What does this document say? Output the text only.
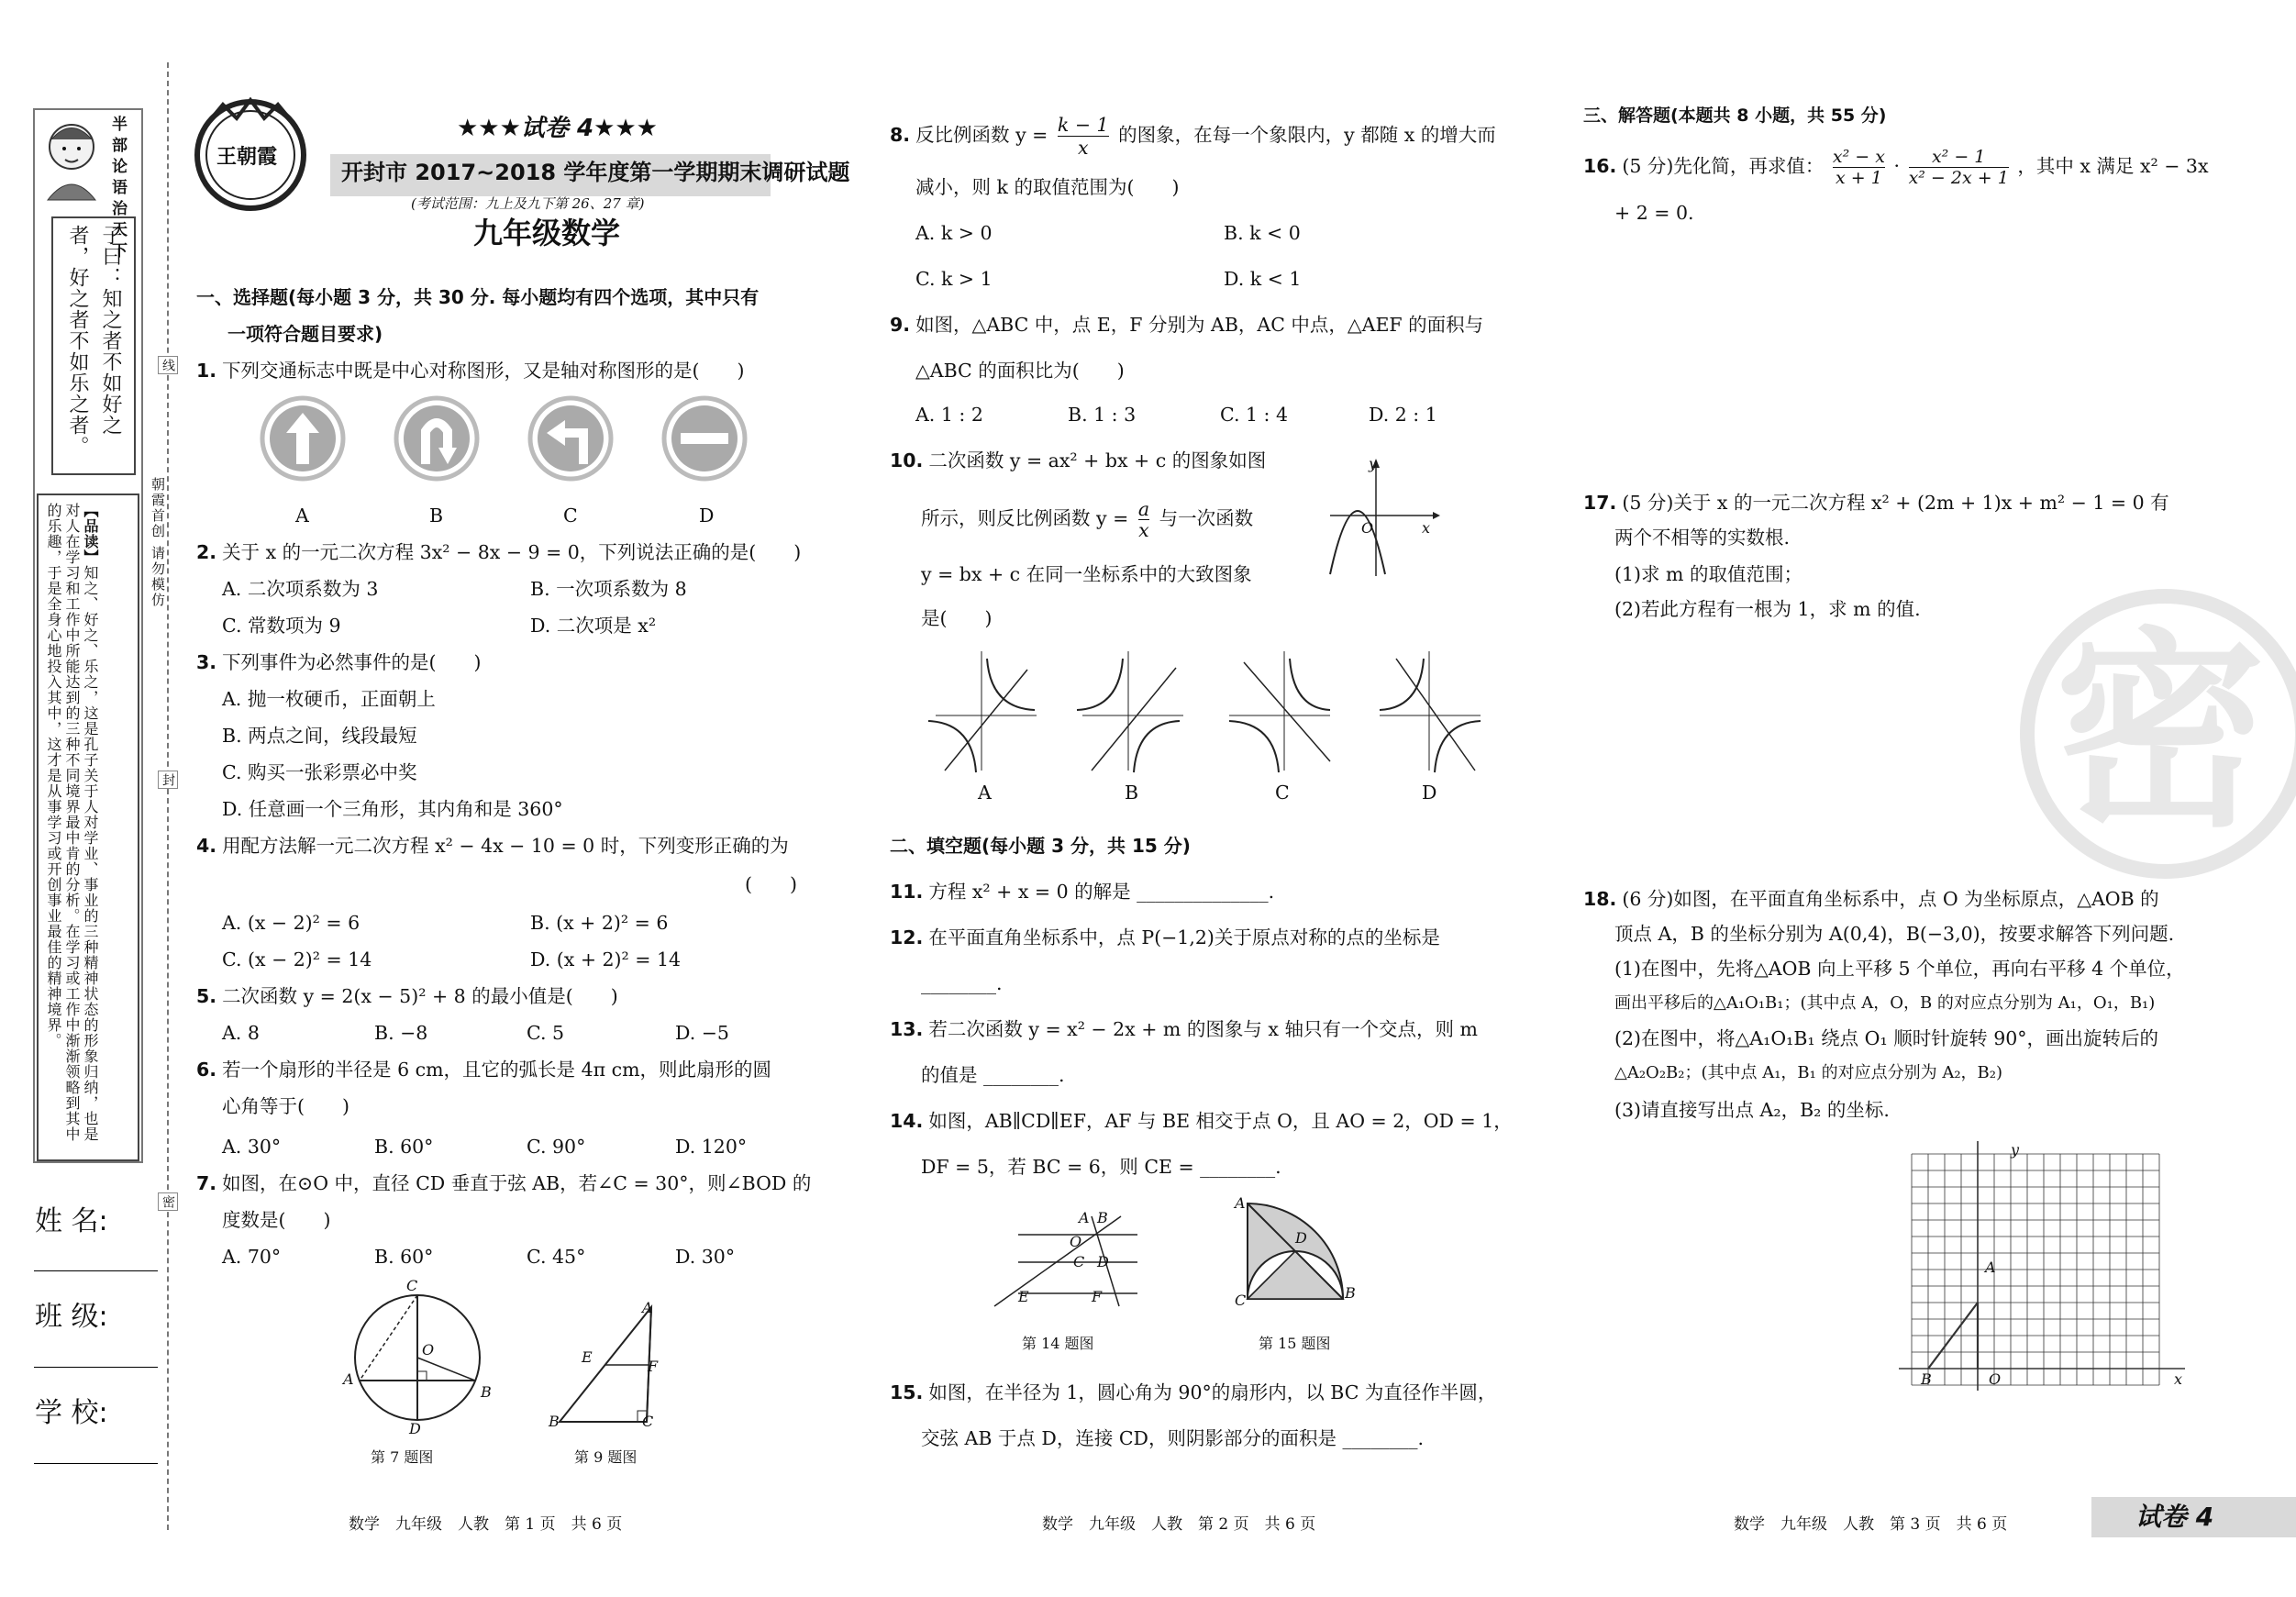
半部论语治天下
子曰：知之者不如好之者，好之者不如乐之者。
【品读】知之、好之、乐之，这是孔子关于人对学业、事业的三种精神状态的形象归纳，也是对人在学习和工作中所能达到的三种不同境界最中肯的分析。在学习或工作中渐渐领略到其中的乐趣，于是全身心地投入其中，这才是从事学习或开创事业最佳的精神境界。	朝霞首创 请勿模仿
线
封
密
姓 名:
班 级:
学 校:
王朝霞
★★★试卷 4★★★
开封市 2017~2018 学年度第一学期期末调研试题
(考试范围：九上及九下第 26、27 章)
九年级数学
一、选择题(每小题 3 分，共 30 分. 每小题均有四个选项，其中只有
一项符合题目要求)
1. 下列交通标志中既是中心对称图形，又是轴对称图形的是(　　)
A	B	C	D
2. 关于 x 的一元二次方程 3x² − 8x − 9 = 0，下列说法正确的是(　　)
A. 二次项系数为 3	B. 一次项系数为 8
C. 常数项为 9	D. 二次项是 x²
3. 下列事件为必然事件的是(　　)
A. 抛一枚硬币，正面朝上
B. 两点之间，线段最短
C. 购买一张彩票必中奖
D. 任意画一个三角形，其内角和是 360°
4. 用配方法解一元二次方程 x² − 4x − 10 = 0 时，下列变形正确的为
(　　)
A. (x − 2)² = 6	B. (x + 2)² = 6
C. (x − 2)² = 14	D. (x + 2)² = 14
5. 二次函数 y = 2(x − 5)² + 8 的最小值是(　　)
A. 8	B. −8	C. 5	D. −5
6. 若一个扇形的半径是 6 cm，且它的弧长是 4π cm，则此扇形的圆
心角等于(　　)
A. 30°	B. 60°	C. 90°	D. 120°
7. 如图，在⊙O 中，直径 CD 垂直于弦 AB，若∠C = 30°，则∠BOD 的
度数是(　　)
A. 70°	B. 60°	C. 45°	D. 30°
C
O
A
B
D
第 7 题图
A
E
F
B	C
第 9 题图
数学　九年级　人教　第 1 页　共 6 页
8. 反比例函数 $y = \frac{k - 1}{x}$ 的图象，在每一个象限内，y 都随 x 的增大而
减小，则 k 的取值范围为(　　)
A. k > 0	B. k < 0
C. k > 1	D. k < 1
9. 如图，△ABC 中，点 E，F 分别为 AB，AC 中点，△AEF 的面积与
△ABC 的面积比为(　　)
A. 1 : 2	B. 1 : 3	C. 1 : 4	D. 2 : 1
10. 二次函数 y = ax² + bx + c 的图象如图
所示，则反比例函数 $y = \frac{a}{x}$ 与一次函数
y = bx + c 在同一坐标系中的大致图象
是(　　)
y
O	x
A	B	C	D
二、填空题(每小题 3 分，共 15 分)
11. 方程 x² + x = 0 的解是 ______________.
12. 在平面直角坐标系中，点 P(−1,2)关于原点对称的点的坐标是
________.
13. 若二次函数 y = x² − 2x + m 的图象与 x 轴只有一个交点，则 m
的值是 ________.
14. 如图，AB∥CD∥EF，AF 与 BE 相交于点 O，且 AO = 2，OD = 1，
DF = 5，若 BC = 6，则 CE = ________.
A B
O
C D
E	F
第 14 题图
A
D
C	B
第 15 题图
15. 如图，在半径为 1，圆心角为 90°的扇形内，以 BC 为直径作半圆，
交弦 AB 于点 D，连接 CD，则阴影部分的面积是 ________.
数学　九年级　人教　第 2 页　共 6 页
密
三、解答题(本题共 8 小题，共 55 分)
16. (5 分)先化简，再求值： $\frac{\text{x² − x}}{x + 1} \cdot \frac{\text{x² − 1}}{\text{x² − 2x + 1}}$ ，其中 x 满足 x² − 3x
+ 2 = 0.
17. (5 分)关于 x 的一元二次方程 x² + (2m + 1)x + m² − 1 = 0 有
两个不相等的实数根.
(1)求 m 的取值范围；
(2)若此方程有一根为 1，求 m 的值.
18. (6 分)如图，在平面直角坐标系中，点 O 为坐标原点，△AOB 的
顶点 A，B 的坐标分别为 A(0,4)，B(−3,0)，按要求解答下列问题.
(1)在图中，先将△AOB 向上平移 5 个单位，再向右平移 4 个单位，
画出平移后的△A₁O₁B₁；(其中点 A，O，B 的对应点分别为 A₁，O₁，B₁)
(2)在图中，将△A₁O₁B₁ 绕点 O₁ 顺时针旋转 90°，画出旋转后的
△A₂O₂B₂；(其中点 A₁，B₁ 的对应点分别为 A₂，B₂)
(3)请直接写出点 A₂，B₂ 的坐标.
y
A
B	O	x
数学　九年级　人教　第 3 页　共 6 页	试卷 4
